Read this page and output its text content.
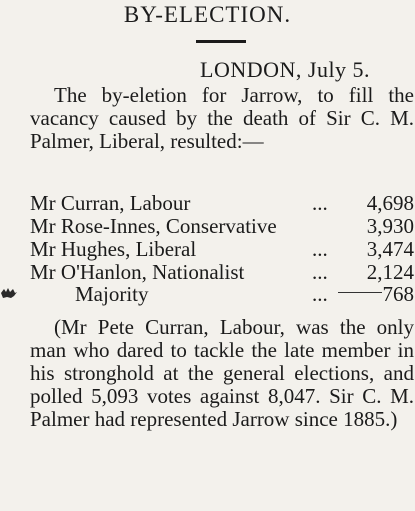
BY-ELECTION.
LONDON, July 5.
The by-eletion for Jarrow, to fill the vacancy caused by the death of Sir C. M. Palmer, Liberal, resulted:—
Mr Curran, Labour	... 4,698
Mr Rose-Innes, Conservative	3,930
Mr Hughes, Liberal	... 3,474
Mr O'Hanlon, Nationalist	... 2,124
Majority	...	768
(Mr Pete Curran, Labour, was the only man who dared to tackle the late member in his stronghold at the general elections, and polled 5,093 votes against 8,047. Sir C. M. Palmer had represented Jarrow since 1885.)
